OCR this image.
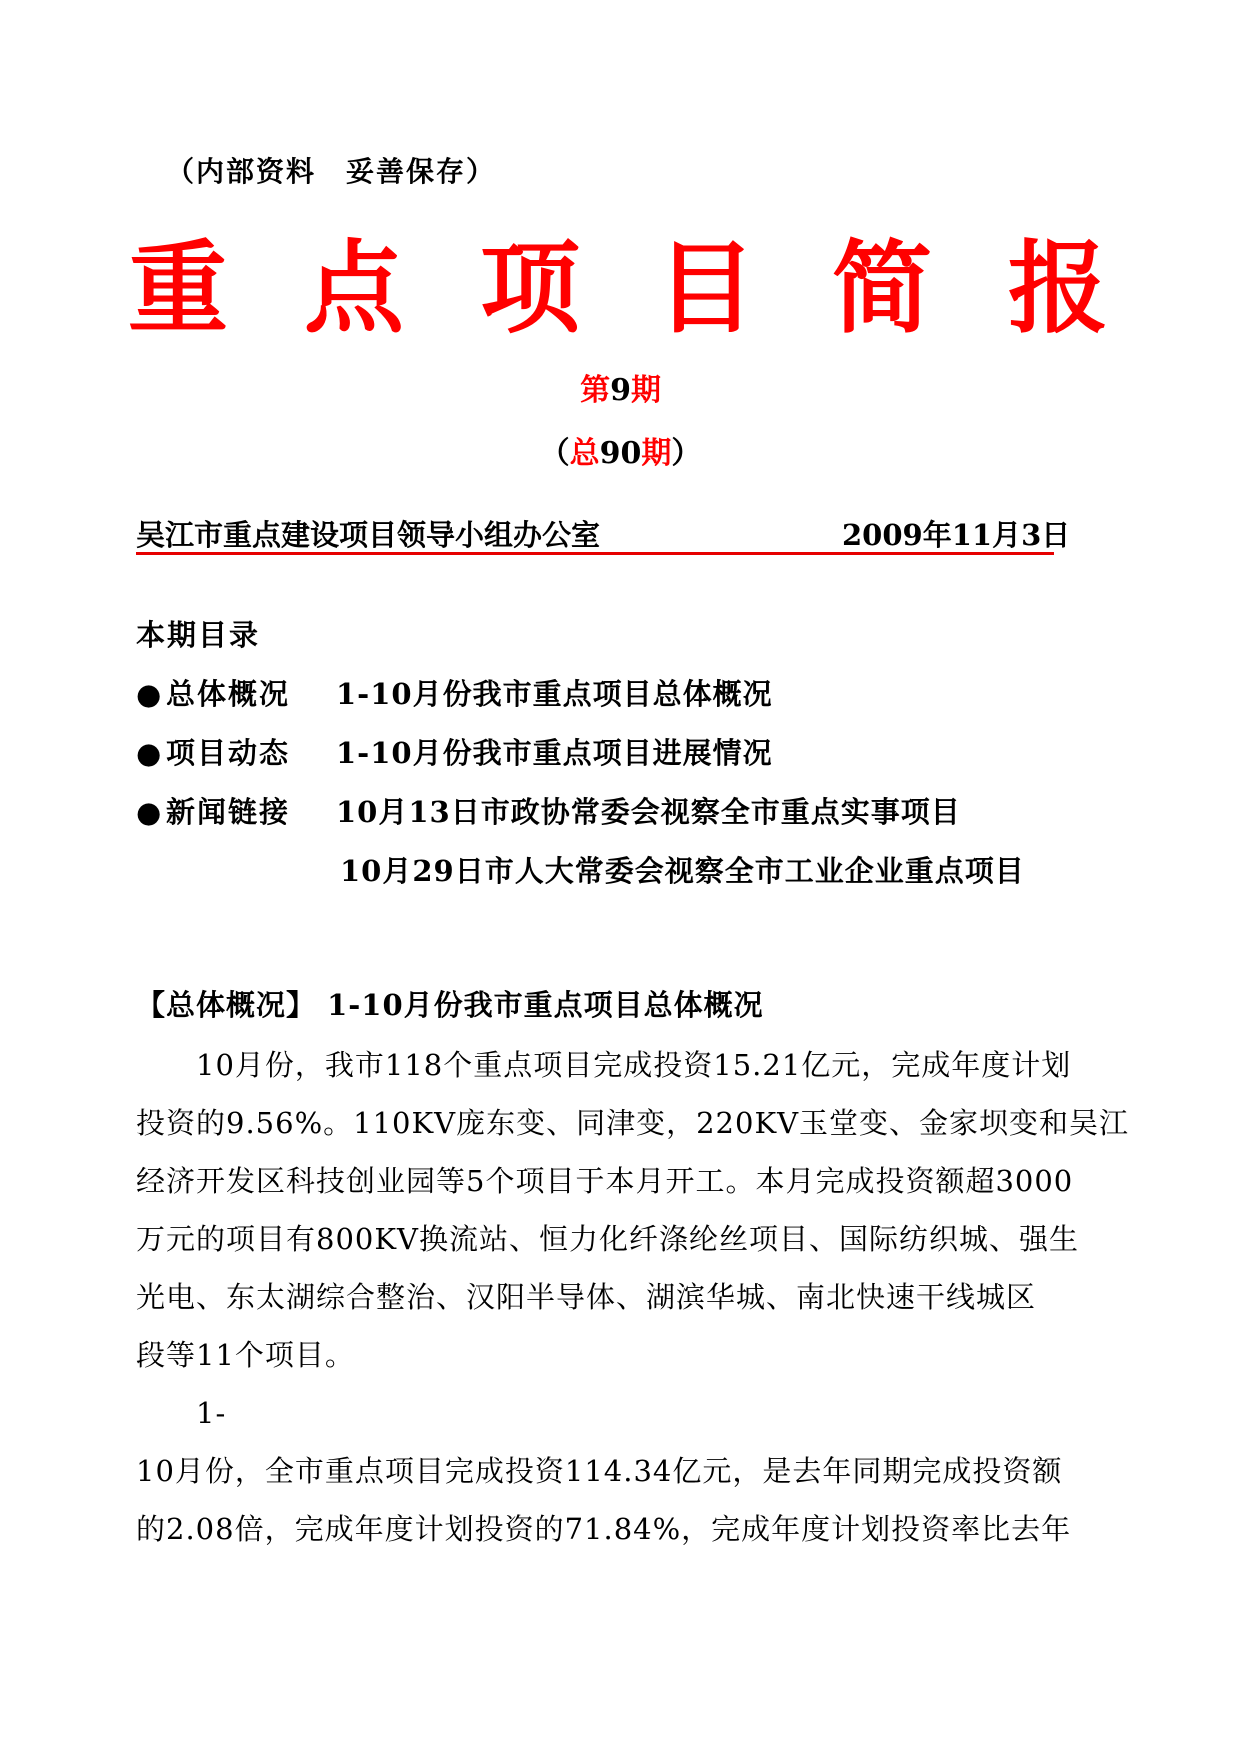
（内部资料　妥善保存）
重 点 项 目 简 报
第9期
（总90期）
吴江市重点建设项目领导小组办公室	2009年11月3日
本期目录
● 总体概况 1-10月份我市重点项目总体概况
● 项目动态 1-10月份我市重点项目进展情况
● 新闻链接 10月13日市政协常委会视察全市重点实事项目
10月29日市人大常委会视察全市工业企业重点项目
【总体概况】 1-10月份我市重点项目总体概况
10月份，我市118个重点项目完成投资15.21亿元，完成年度计划
投资的9.56%。110KV庞东变、同津变，220KV玉堂变、金家坝变和吴江
经济开发区科技创业园等5个项目于本月开工。本月完成投资额超3000
万元的项目有800KV换流站、恒力化纤涤纶丝项目、国际纺织城、强生
光电、东太湖综合整治、汉阳半导体、湖滨华城、南北快速干线城区
段等11个项目。
1-
10月份，全市重点项目完成投资114.34亿元，是去年同期完成投资额
的2.08倍，完成年度计划投资的71.84%，完成年度计划投资率比去年
